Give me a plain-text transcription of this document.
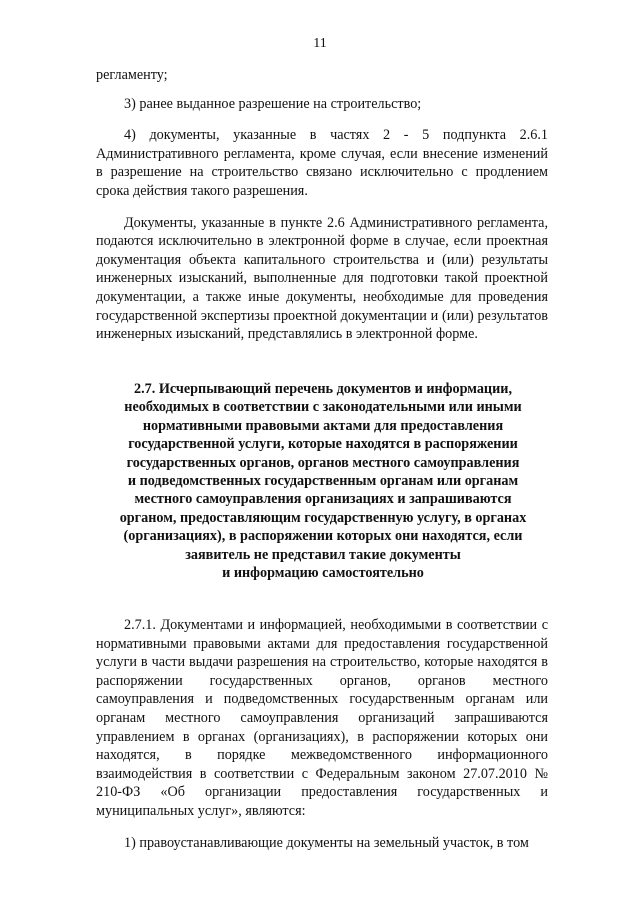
11

регламенту;

3) ранее выданное разрешение на строительство;

4) документы, указанные в частях 2 - 5 подпункта 2.6.1 Административного регламента, кроме случая, если внесение изменений в разрешение на строительство связано исключительно с продлением срока действия такого разрешения.

Документы, указанные в пункте 2.6 Административного регламента, подаются исключительно в электронной форме в случае, если проектная документация объекта капитального строительства и (или) результаты инженерных изысканий, выполненные для подготовки такой проектной документации, а также иные документы, необходимые для проведения государственной экспертизы проектной документации и (или) результатов инженерных изысканий, представлялись в электронной форме.

2.7. Исчерпывающий перечень документов и информации,
необходимых в соответствии с законодательными или иными
нормативными правовыми актами для предоставления
государственной услуги, которые находятся в распоряжении
государственных органов, органов местного самоуправления
и подведомственных государственным органам или органам
местного самоуправления организациях и запрашиваются
органом, предоставляющим государственную услугу, в органах
(организациях), в распоряжении которых они находятся, если
заявитель не представил такие документы
и информацию самостоятельно

2.7.1. Документами и информацией, необходимыми в соответствии с нормативными правовыми актами для предоставления государственной услуги в части выдачи разрешения на строительство, которые находятся в распоряжении государственных органов, органов местного самоуправления и подведомственных государственным органам или органам местного самоуправления организаций запрашиваются управлением в органах (организациях), в распоряжении которых они находятся, в порядке межведомственного информационного взаимодействия в соответствии с Федеральным законом 27.07.2010 № 210-ФЗ «Об организации предоставления государственных и муниципальных услуг», являются:

1) правоустанавливающие документы на земельный участок, в том
